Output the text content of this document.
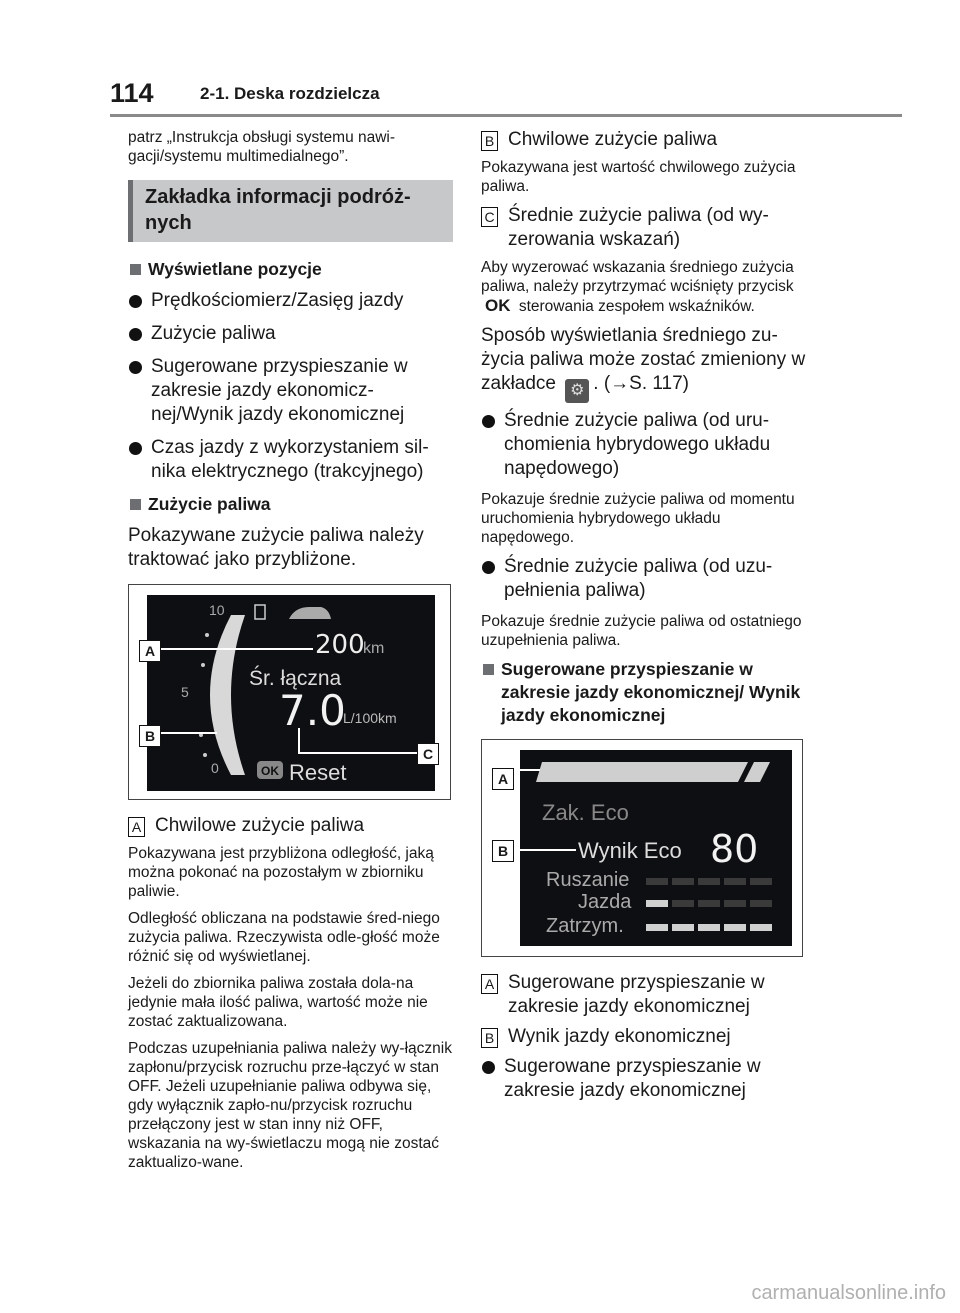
114	2-1. Deska rozdzielcza

patrz „Instrukcja obsługi systemu nawi-gacji/systemu multimedialnego”.

Zakładka informacji podróż-nych
Wyświetlane pozycje
Prędkościomierz/Zasięg jazdy
Zużycie paliwa
Sugerowane przyspieszanie w zakresie jazdy ekonomicz-nej/Wynik jazdy ekonomicznej
Czas jazdy z wykorzystaniem sil-nika elektrycznego (trakcyjnego)
Zużycie paliwa

Pokazywane zużycie paliwa należy traktować jako przybliżone.

10
5
0
200
km
Śr. łączna
7.0
L/100km
OK Reset
A
B
C
A Chwilowe zużycie paliwa

Pokazywana jest przybliżona odległość, jaką można pokonać na pozostałym w zbiorniku paliwie.

Odległość obliczana na podstawie śred-niego zużycia paliwa. Rzeczywista odle-głość może różnić się od wyświetlanej.

Jeżeli do zbiornika paliwa została dola-na jedynie mała ilość paliwa, wartość może nie zostać zaktualizowana.

Podczas uzupełniania paliwa należy wy-łącznik zapłonu/przycisk rozruchu prze-łączyć w stan OFF. Jeżeli uzupełnianie paliwa odbywa się, gdy wyłącznik zapło-nu/przycisk rozruchu przełączony jest w stan inny niż OFF, wskazania na wy-świetlaczu mogą nie zostać zaktualizo-wane.

B Chwilowe zużycie paliwa

Pokazywana jest wartość chwilowego zużycia paliwa.

C Średnie zużycie paliwa (od wy-zerowania wskazań)

Aby wyzerować wskazania średniego zużycia paliwa, należy przytrzymać wciśnięty przycisk OK sterowania zespołem wskaźników.

Sposób wyświetlania średniego zu-życia paliwa może zostać zmieniony w zakładce ⚙ . (→S. 117)

Średnie zużycie paliwa (od uru-chomienia hybrydowego układu napędowego)

Pokazuje średnie zużycie paliwa od momentu uruchomienia hybrydowego układu napędowego.

Średnie zużycie paliwa (od uzu-pełnienia paliwa)

Pokazuje średnie zużycie paliwa od ostatniego uzupełnienia paliwa.

Sugerowane przyspieszanie w zakresie jazdy ekonomicznej/ Wynik jazdy ekonomicznej
Zak. Eco
Wynik Eco 80
Ruszanie
Jazda
Zatrzym.
A
B
A Sugerowane przyspieszanie w zakresie jazdy ekonomicznej
B Wynik jazdy ekonomicznej
Sugerowane przyspieszanie w zakresie jazdy ekonomicznej
carmanualsonline.info
